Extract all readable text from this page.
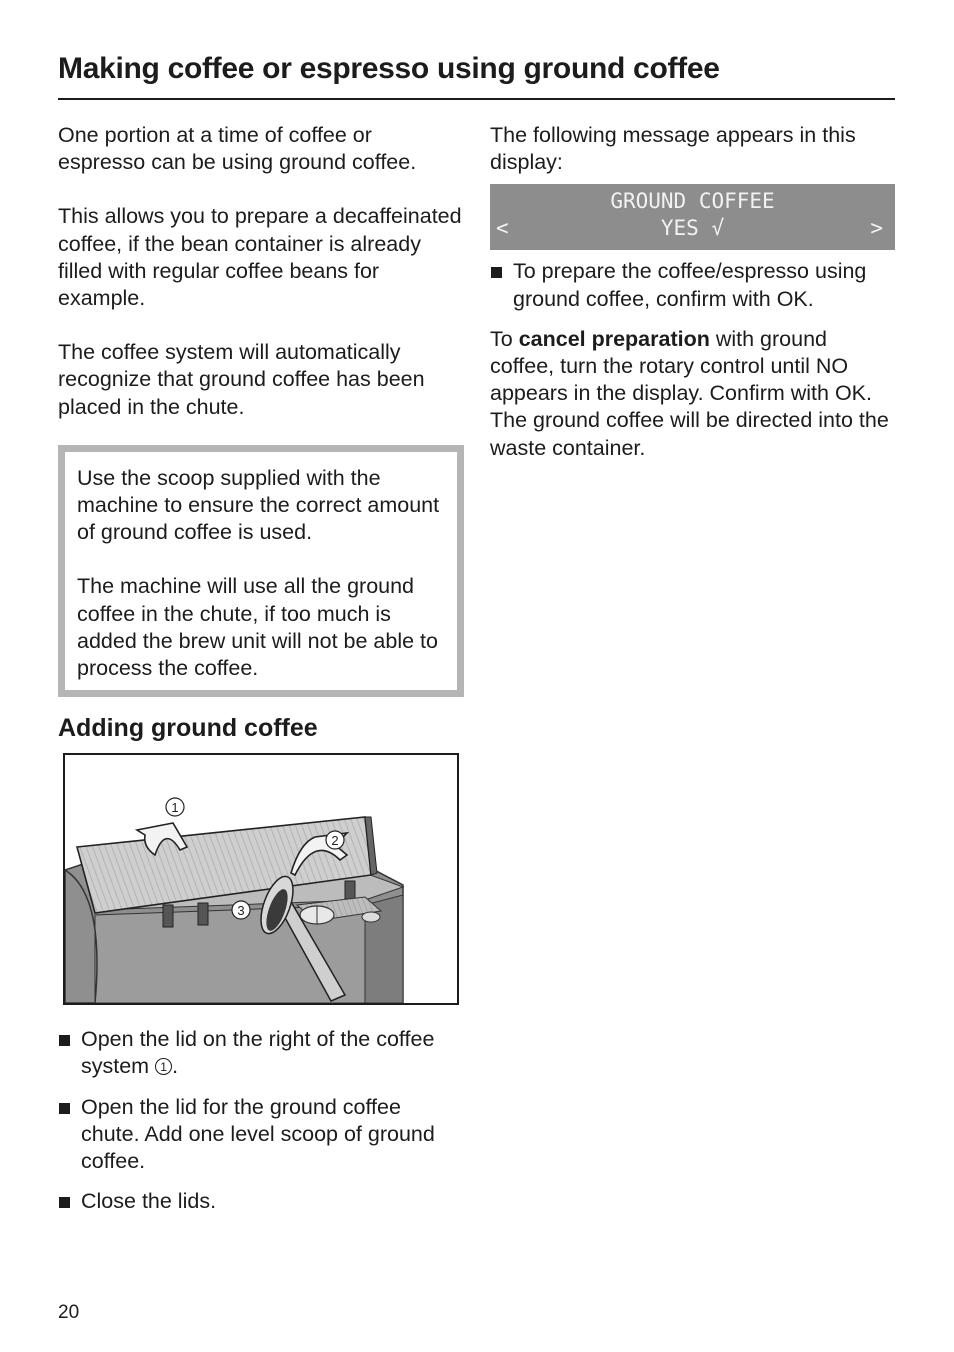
Making coffee or espresso using ground coffee

One portion at a time of coffee or espresso can be using ground coffee.

This allows you to prepare a decaffeinated coffee, if the bean container is already filled with regular coffee beans for example.

The coffee system will automatically recognize that ground coffee has been placed in the chute.

Use the scoop supplied with the machine to ensure the correct amount of ground coffee is used.

The machine will use all the ground coffee in the chute, if too much is added the brew unit will not be able to process the coffee.

Adding ground coffee
1
2
3

Open the lid on the right of the coffee system 1 .

Open the lid for the ground coffee chute. Add one level scoop of ground coffee.

Close the lids.

The following message appears in this display:

GROUND COFFEE
<	YES √	>

To prepare the coffee/espresso using ground coffee, confirm with OK.

To cancel preparation with ground coffee, turn the rotary control until NO appears in the display. Confirm with OK.

The ground coffee will be directed into the waste container.

20
